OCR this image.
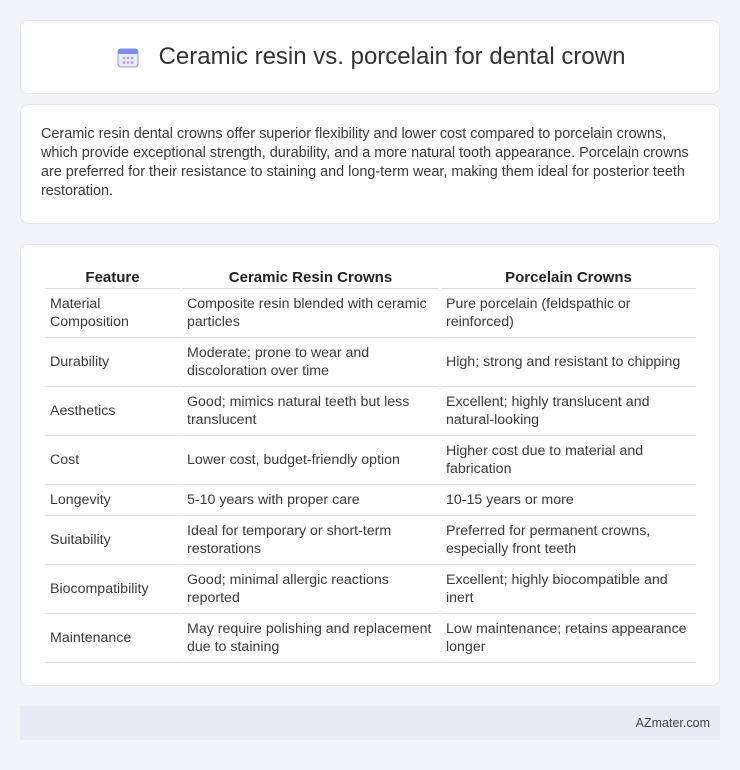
Ceramic resin vs. porcelain for dental crown

Ceramic resin dental crowns offer superior flexibility and lower cost compared to porcelain crowns, which provide exceptional strength, durability, and a more natural tooth appearance. Porcelain crowns are preferred for their resistance to staining and long-term wear, making them ideal for posterior teeth restoration.

Feature	Ceramic Resin Crowns	Porcelain Crowns
Material Composition	Composite resin blended with ceramic particles	Pure porcelain (feldspathic or reinforced)
Durability	Moderate; prone to wear and discoloration over time	High; strong and resistant to chipping
Aesthetics	Good; mimics natural teeth but less translucent	Excellent; highly translucent and natural-looking
Cost	Lower cost, budget-friendly option	Higher cost due to material and fabrication
Longevity	5-10 years with proper care	10-15 years or more
Suitability	Ideal for temporary or short-term restorations	Preferred for permanent crowns, especially front teeth
Biocompatibility	Good; minimal allergic reactions reported	Excellent; highly biocompatible and inert
Maintenance	May require polishing and replacement due to staining	Low maintenance; retains appearance longer
AZmater.com
